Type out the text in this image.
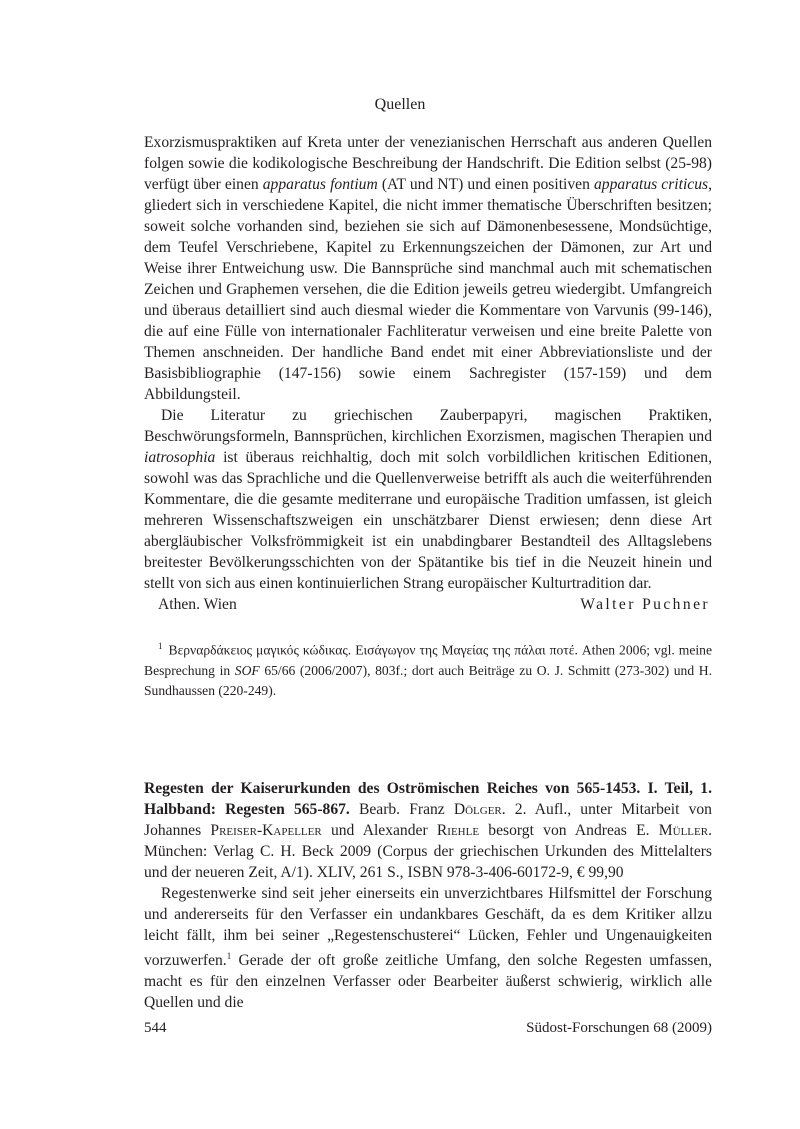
Quellen

Exorzismuspraktiken auf Kreta unter der venezianischen Herrschaft aus anderen Quellen folgen sowie die kodikologische Beschreibung der Handschrift. Die Edition selbst (25-98) verfügt über einen apparatus fontium (AT und NT) und einen positiven apparatus criticus, gliedert sich in verschiedene Kapitel, die nicht immer thematische Überschriften besitzen; soweit solche vorhanden sind, beziehen sie sich auf Dämonenbesessene, Mondsüchtige, dem Teufel Verschriebene, Kapitel zu Erkennungszeichen der Dämonen, zur Art und Weise ihrer Entweichung usw. Die Bannsprüche sind manchmal auch mit schematischen Zeichen und Graphemen versehen, die die Edition jeweils getreu wiedergibt. Umfangreich und überaus detailliert sind auch diesmal wieder die Kommentare von Varvunis (99-146), die auf eine Fülle von internationaler Fachliteratur verweisen und eine breite Palette von Themen anschneiden. Der handliche Band endet mit einer Abbreviationsliste und der Basisbibliographie (147-156) sowie einem Sachregister (157-159) und dem Abbildungsteil.

Die Literatur zu griechischen Zauberpapyri, magischen Praktiken, Beschwörungsformeln, Bannsprüchen, kirchlichen Exorzismen, magischen Therapien und iatrosophia ist überaus reichhaltig, doch mit solch vorbildlichen kritischen Editionen, sowohl was das Sprachliche und die Quellenverweise betrifft als auch die weiterführenden Kommentare, die die gesamte mediterrane und europäische Tradition umfassen, ist gleich mehreren Wissenschaftszweigen ein unschätzbarer Dienst erwiesen; denn diese Art abergläubischer Volksfrömmigkeit ist ein unabdingbarer Bestandteil des Alltagslebens breitester Bevölkerungsschichten von der Spätantike bis tief in die Neuzeit hinein und stellt von sich aus einen kontinuierlichen Strang europäischer Kulturtradition dar.

Athen. Wien	Walter Puchner
$^1$ Βερναρδάκειος μαγικός κώδικας. Εισάγωγον της Μαγείας της πάλαι ποτέ. Athen 2006; vgl. meine Besprechung in SOF 65/66 (2006/2007), 803f.; dort auch Beiträge zu O. J. Schmitt (273-302) und H. Sundhaussen (220-249).
Regesten der Kaiserurkunden des Oströmischen Reiches von 565-1453. I. Teil, 1. Halbband: Regesten 565-867. Bearb. Franz Dölger. 2. Aufl., unter Mitarbeit von Johannes Preiser-Kapeller und Alexander Riehle besorgt von Andreas E. Müller. München: Verlag C. H. Beck 2009 (Corpus der griechischen Urkunden des Mittelalters und der neueren Zeit, A/1). XLIV, 261 S., ISBN 978-3-406-60172-9, € 99,90

Regestenwerke sind seit jeher einerseits ein unverzichtbares Hilfsmittel der Forschung und andererseits für den Verfasser ein undankbares Geschäft, da es dem Kritiker allzu leicht fällt, ihm bei seiner „Regestenschusterei“ Lücken, Fehler und Ungenauigkeiten vorzuwerfen.$^1$ Gerade der oft große zeitliche Umfang, den solche Regesten umfassen, macht es für den einzelnen Verfasser oder Bearbeiter äußerst schwierig, wirklich alle Quellen und die

544	Südost-Forschungen 68 (2009)
